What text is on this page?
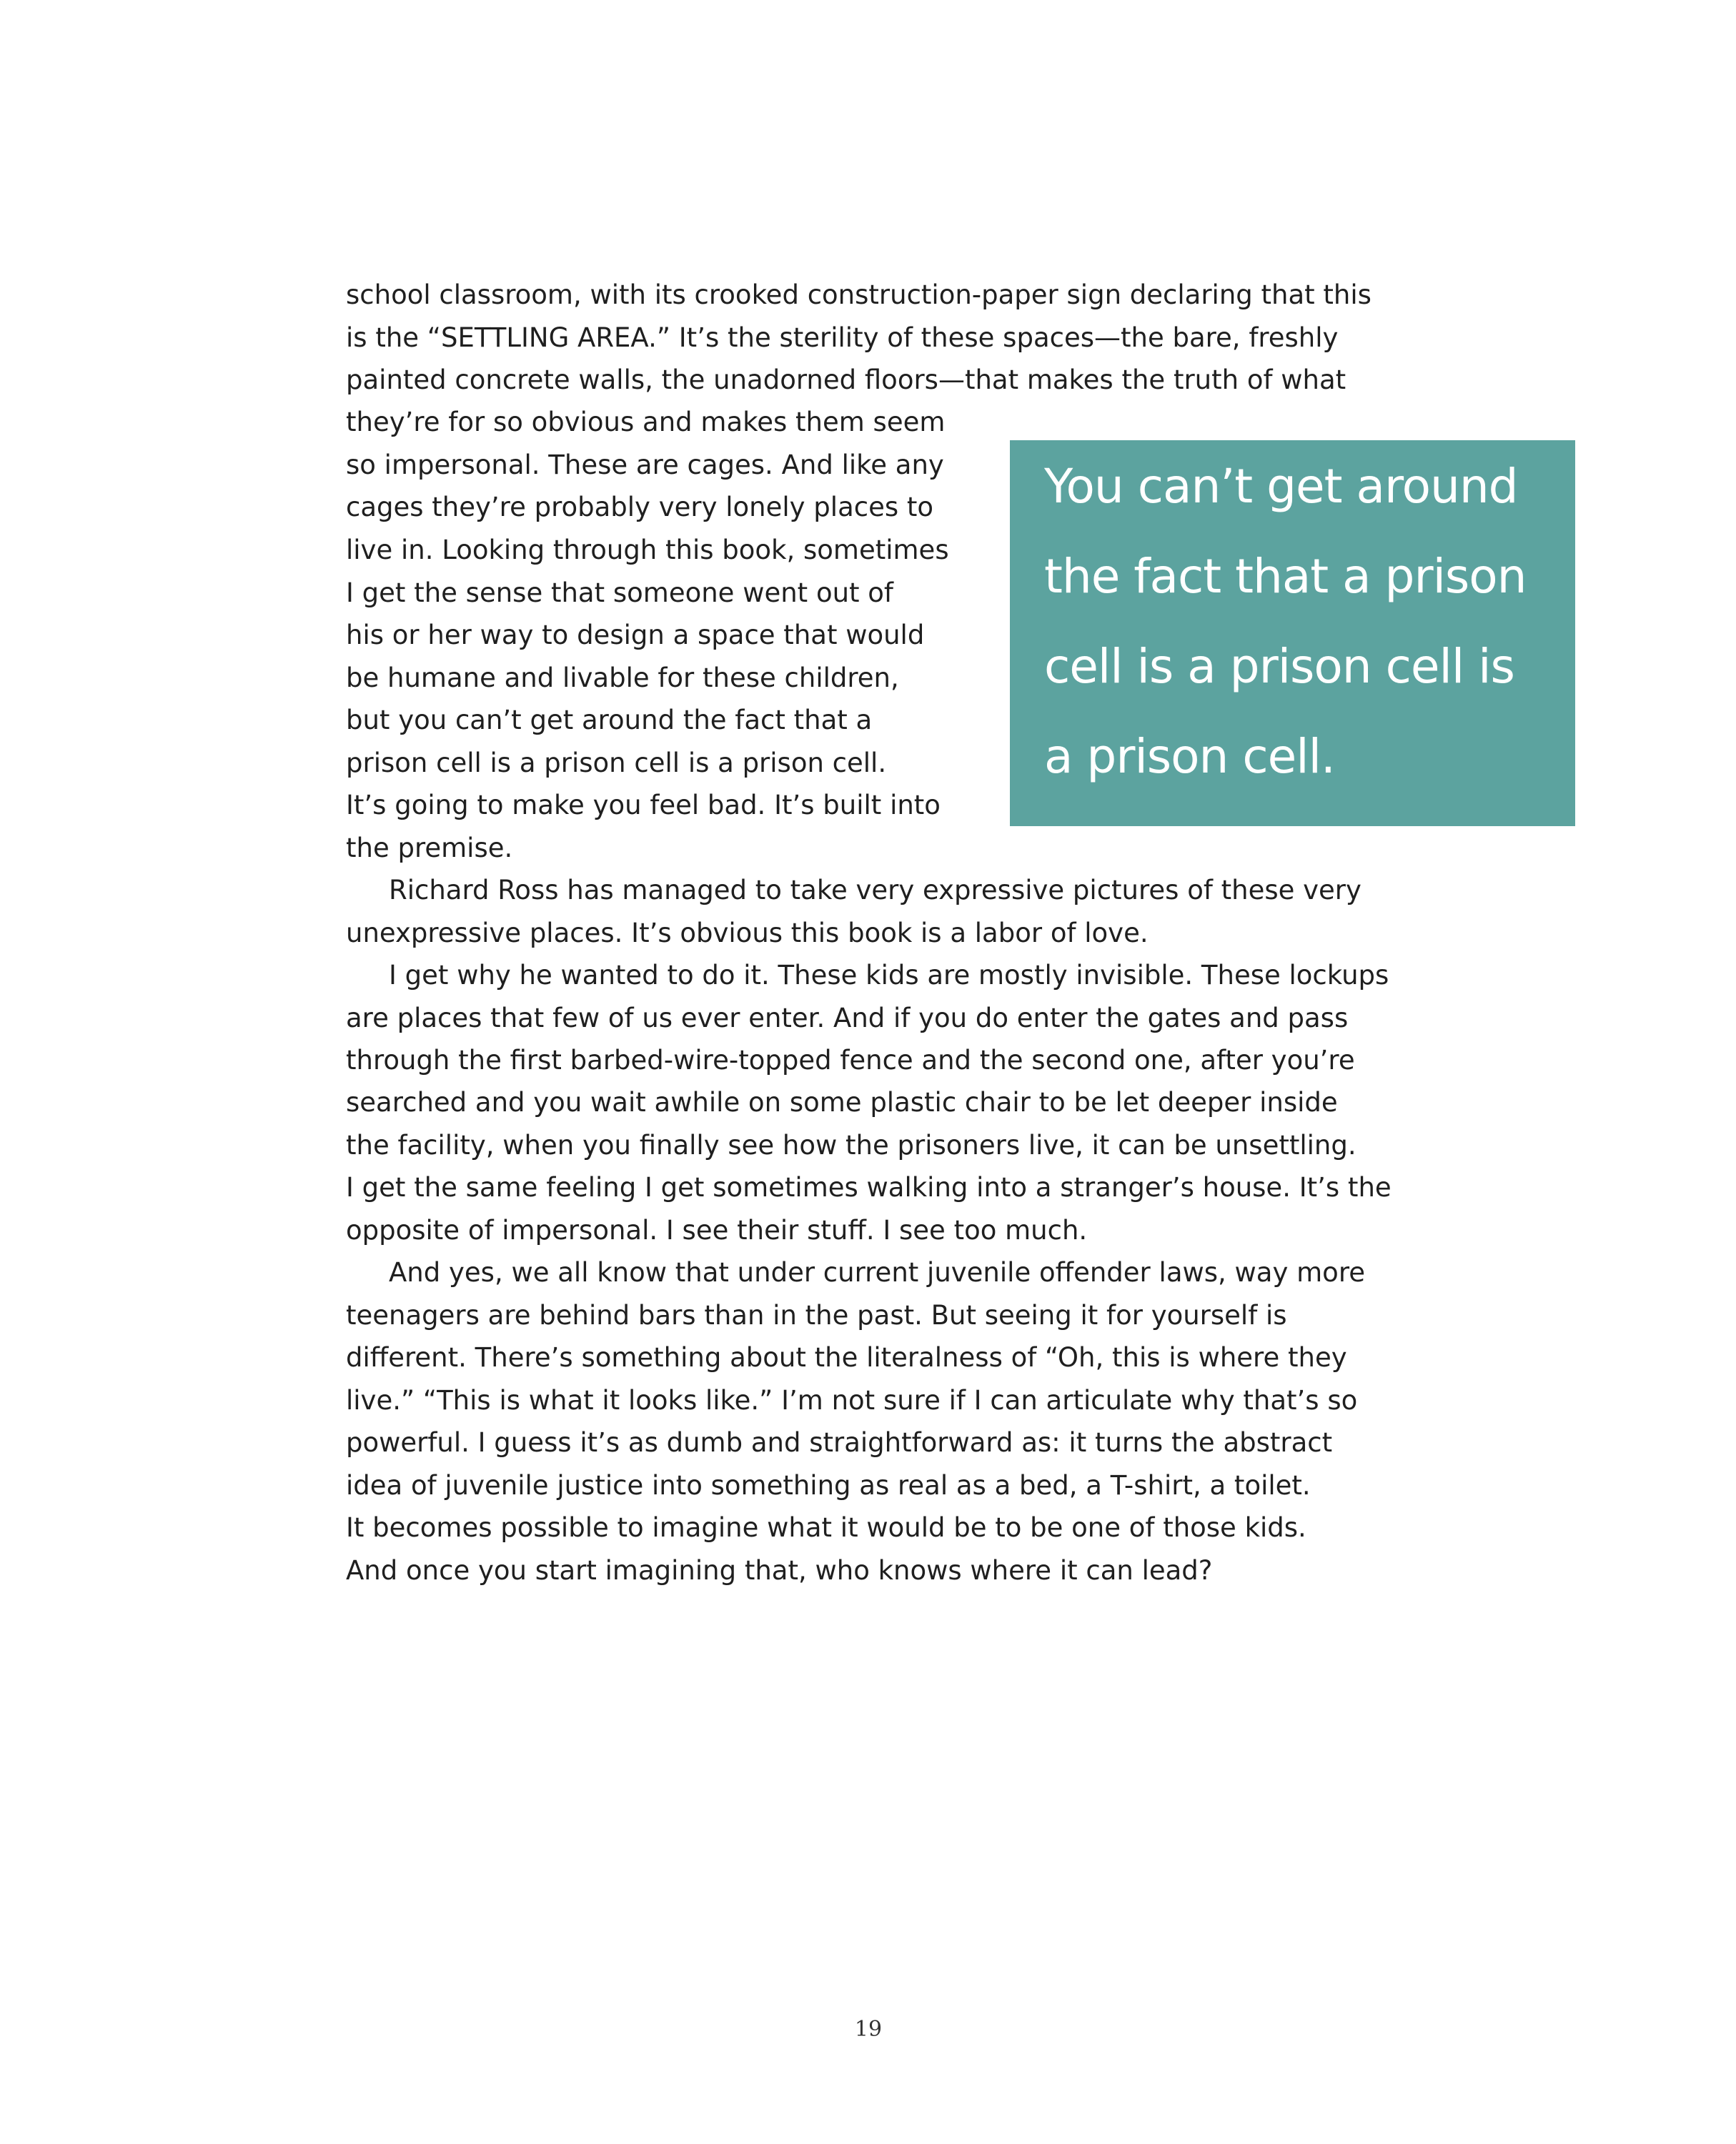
school classroom, with its crooked construction-paper sign declaring that this

is the “SETTLING AREA.” It’s the sterility of these spaces—the bare, freshly

painted concrete walls, the unadorned floors—that makes the truth of what

they’re for so obvious and makes them seem

so impersonal. These are cages. And like any

cages they’re probably very lonely places to

live in. Looking through this book, sometimes

I get the sense that someone went out of

his or her way to design a space that would

be humane and livable for these children,

but you can’t get around the fact that a

prison cell is a prison cell is a prison cell.

It’s going to make you feel bad. It’s built into

the premise.

Richard Ross has managed to take very expressive pictures of these very

unexpressive places. It’s obvious this book is a labor of love.

I get why he wanted to do it. These kids are mostly invisible. These lockups

are places that few of us ever enter. And if you do enter the gates and pass

through the first barbed-wire-topped fence and the second one, after you’re

searched and you wait awhile on some plastic chair to be let deeper inside

the facility, when you finally see how the prisoners live, it can be unsettling.

I get the same feeling I get sometimes walking into a stranger’s house. It’s the

opposite of impersonal. I see their stuff. I see too much.

And yes, we all know that under current juvenile offender laws, way more

teenagers are behind bars than in the past. But seeing it for yourself is

different. There’s something about the literalness of “Oh, this is where they

live.” “This is what it looks like.” I’m not sure if I can articulate why that’s so

powerful. I guess it’s as dumb and straightforward as: it turns the abstract

idea of juvenile justice into something as real as a bed, a T-shirt, a toilet.

It becomes possible to imagine what it would be to be one of those kids.

And once you start imagining that, who knows where it can lead?

You can’t get around

the fact that a prison

cell is a prison cell is

a prison cell.

19
